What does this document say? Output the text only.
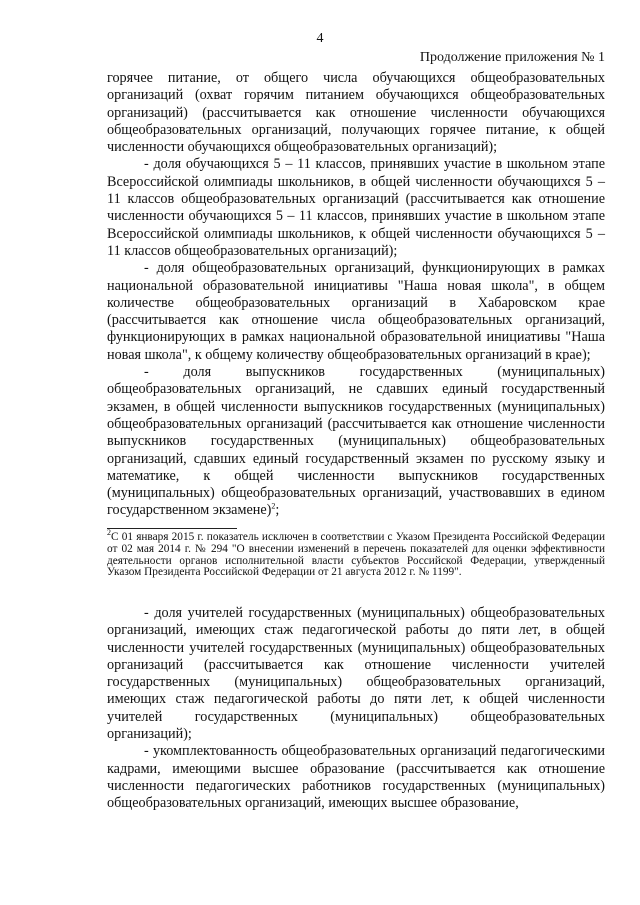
4
Продолжение приложения № 1

горячее питание, от общего числа обучающихся общеобразовательных организаций (охват горячим питанием обучающихся общеобразовательных организаций) (рассчитывается как отношение численности обучающихся общеобразовательных организаций, получающих горячее питание, к общей численности обучающихся общеобразовательных организаций);

- доля обучающихся 5 – 11 классов, принявших участие в школьном этапе Всероссийской олимпиады школьников, в общей численности обучающихся 5 – 11 классов общеобразовательных организаций (рассчитывается как отношение численности обучающихся 5 – 11 классов, принявших участие в школьном этапе Всероссийской олимпиады школьников, к общей численности обучающихся 5 – 11 классов общеобразовательных организаций);

- доля общеобразовательных организаций, функционирующих в рамках национальной образовательной инициативы "Наша новая школа", в общем количестве общеобразовательных организаций в Хабаровском крае (рассчитывается как отношение числа общеобразовательных организаций, функционирующих в рамках национальной образовательной инициативы "Наша новая школа", к общему количеству общеобразовательных организаций в крае);

- доля выпускников государственных (муниципальных) общеобразовательных организаций, не сдавших единый государственный экзамен, в общей численности выпускников государственных (муниципальных) общеобразовательных организаций (рассчитывается как отношение численности выпускников государственных (муниципальных) общеобразовательных организаций, сдавших единый государственный экзамен по русскому языку и математике, к общей численности выпускников государственных (муниципальных) общеобразовательных организаций, участвовавших в едином государственном экзамене)$^2$;

$^2$С 01 января 2015 г. показатель исключен в соответствии с Указом Президента Российской Федерации от 02 мая 2014 г. № 294 "О внесении изменений в перечень показателей для оценки эффективности деятельности органов исполнительной власти субъектов Российской Федерации, утвержденный Указом Президента Российской Федерации от 21 августа 2012 г. № 1199".

- доля учителей государственных (муниципальных) общеобразовательных организаций, имеющих стаж педагогической работы до пяти лет, в общей численности учителей государственных (муниципальных) общеобразовательных организаций (рассчитывается как отношение численности учителей государственных (муниципальных) общеобразовательных организаций, имеющих стаж педагогической работы до пяти лет, к общей численности учителей государственных (муниципальных) общеобразовательных организаций);

- укомплектованность общеобразовательных организаций педагогическими кадрами, имеющими высшее образование (рассчитывается как отношение численности педагогических работников государственных (муниципальных) общеобразовательных организаций, имеющих высшее образование,
